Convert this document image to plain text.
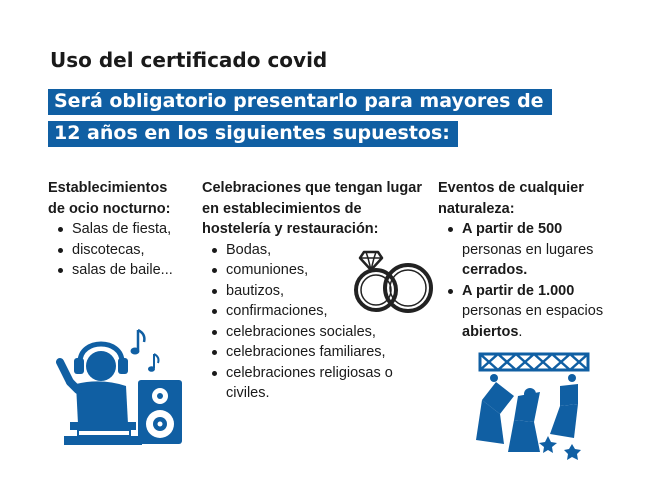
Uso del certificado covid
Será obligatorio presentarlo para mayores de
12 años en los siguientes supuestos:
Establecimientos de ocio nocturno:
Salas de fiesta,
discotecas,
salas de baile...
Celebraciones que tengan lugar en establecimientos de hostelería y restauración:
Bodas,
comuniones,
bautizos,
confirmaciones,
celebraciones sociales,
celebraciones familiares,
celebraciones religiosas o civiles.
Eventos de cualquier naturaleza:
A partir de 500 personas en lugares cerrados.
A partir de 1.000 personas en espacios abiertos.
